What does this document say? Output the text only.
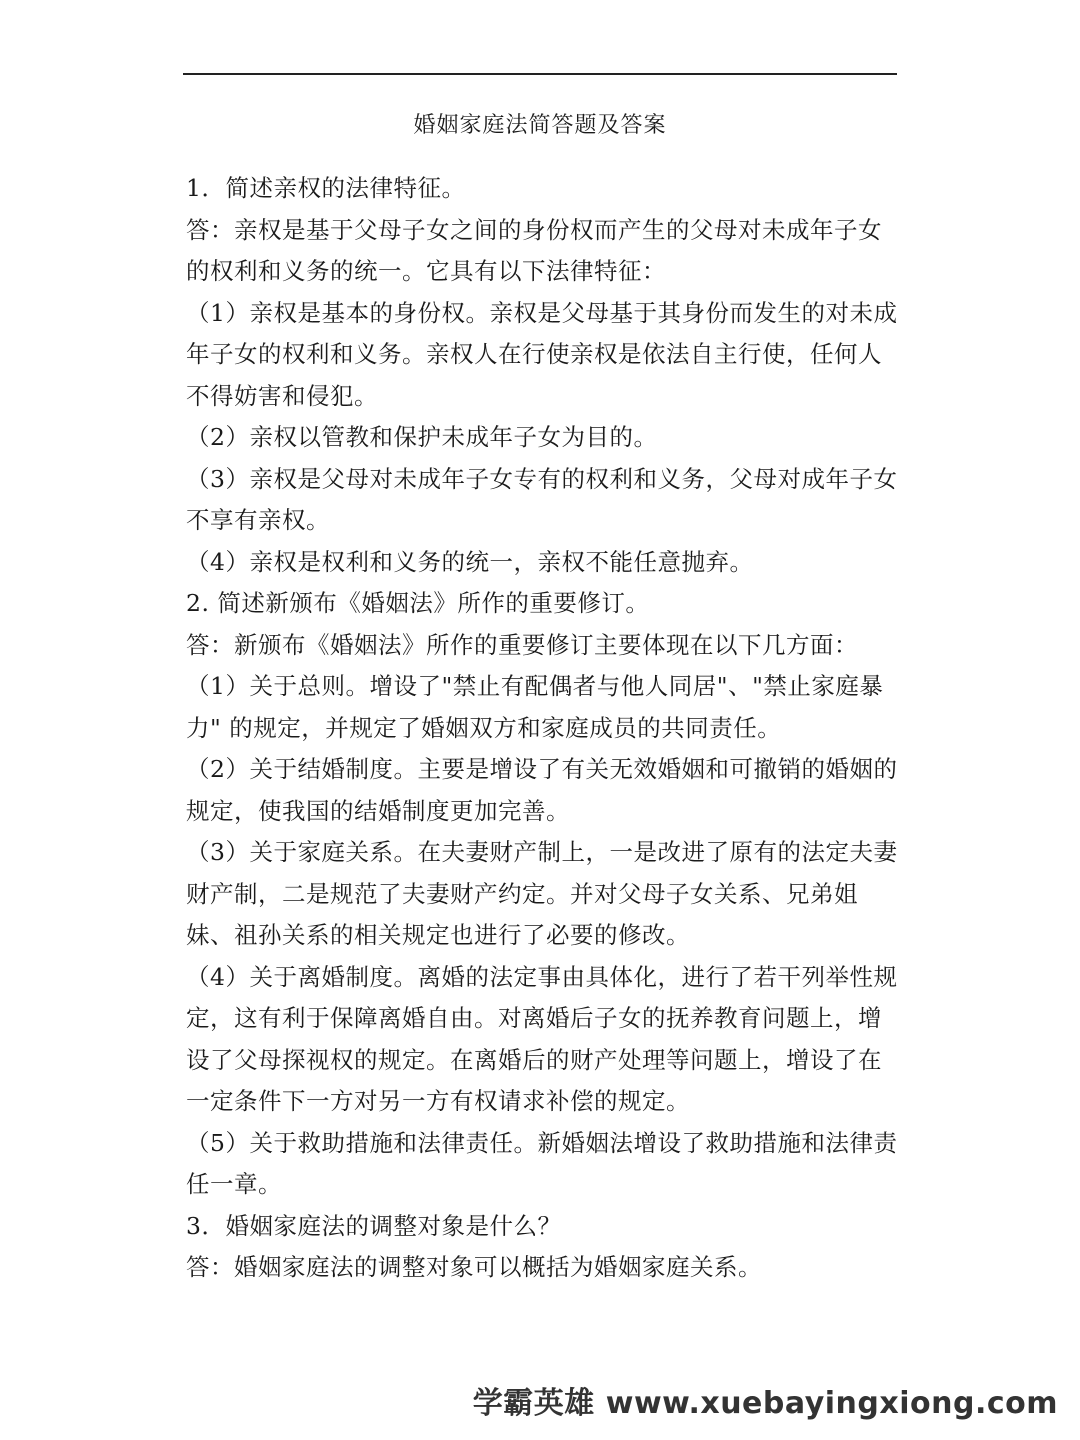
婚姻家庭法简答题及答案

1．简述亲权的法律特征。

答：亲权是基于父母子女之间的身份权而产生的父母对未成年子女的权利和义务的统一。它具有以下法律特征：

（1）亲权是基本的身份权。亲权是父母基于其身份而发生的对未成年子女的权利和义务。亲权人在行使亲权是依法自主行使，任何人不得妨害和侵犯。

（2）亲权以管教和保护未成年子女为目的。

（3）亲权是父母对未成年子女专有的权利和义务，父母对成年子女不享有亲权。

（4）亲权是权利和义务的统一，亲权不能任意抛弃。

2. 简述新颁布《婚姻法》所作的重要修订。

答：新颁布《婚姻法》所作的重要修订主要体现在以下几方面：

（1）关于总则。增设了"禁止有配偶者与他人同居"、"禁止家庭暴力" 的规定，并规定了婚姻双方和家庭成员的共同责任。

（2）关于结婚制度。主要是增设了有关无效婚姻和可撤销的婚姻的规定，使我国的结婚制度更加完善。

（3）关于家庭关系。在夫妻财产制上，一是改进了原有的法定夫妻财产制，二是规范了夫妻财产约定。并对父母子女关系、兄弟姐妹、祖孙关系的相关规定也进行了必要的修改。

（4）关于离婚制度。离婚的法定事由具体化，进行了若干列举性规定，这有利于保障离婚自由。对离婚后子女的抚养教育问题上，增设了父母探视权的规定。在离婚后的财产处理等问题上，增设了在一定条件下一方对另一方有权请求补偿的规定。

（5）关于救助措施和法律责任。新婚姻法增设了救助措施和法律责任一章。

3．婚姻家庭法的调整对象是什么？

答：婚姻家庭法的调整对象可以概括为婚姻家庭关系。

学霸英雄 www.xuebayingxiong.com
